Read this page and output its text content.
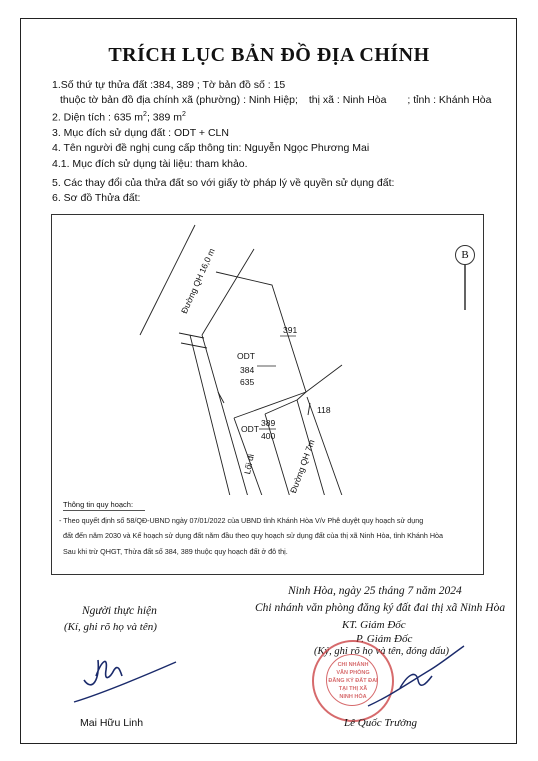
TRÍCH LỤC BẢN ĐỒ ĐỊA CHÍNH
1.Số thứ tự thửa đất :384, 389 ; Tờ bản đồ số : 15
thuộc tờ bản đồ địa chính xã (phường) : Ninh Hiệp; thị xã : Ninh Hòa ; tỉnh : Khánh Hòa
2. Diện tích : 635 $m^2$; 389 $m^2$
3. Mục đích sử dụng đất : ODT + CLN
4. Tên người đề nghị cung cấp thông tin: Nguyễn Ngọc Phương Mai
4.1. Mục đích sử dụng tài liệu: tham khảo.
5. Các thay đổi của thửa đất so với giấy tờ pháp lý về quyền sử dụng đất:
6. Sơ đồ Thửa đất:
Đường QH 16,0 m
Đường QH 7m
Lối đi
ODT
384
635
ODT
389
400
391
118
Thông tin quy hoạch:
- Theo quyết định số 58/QĐ-UBND ngày 07/01/2022 của UBND tỉnh Khánh Hòa V/v Phê duyệt quy hoạch sử dụng
đất đến năm 2030 và Kế hoạch sử dụng đất năm đầu theo quy hoạch sử dụng đất của thị xã Ninh Hòa, tỉnh Khánh Hòa
Sau khi trừ QHGT, Thửa đất số 384, 389 thuộc quy hoạch đất ở đô thị.
B
Ninh Hòa, ngày 25 tháng 7 năm 2024
Chi nhánh văn phòng đăng ký đất đai thị xã Ninh Hòa
KT. Giám Đốc
P. Giám Đốc
(Ký, ghi rõ họ và tên, đóng dấu)
Người thực hiện
(Kí, ghi rõ họ và tên)
Mai Hữu Linh
CHI NHÁNH
VĂN PHÒNG
ĐĂNG KÝ ĐẤT ĐAI
TẠI THỊ XÃ
NINH HÒA
Lê Quốc Trưởng
